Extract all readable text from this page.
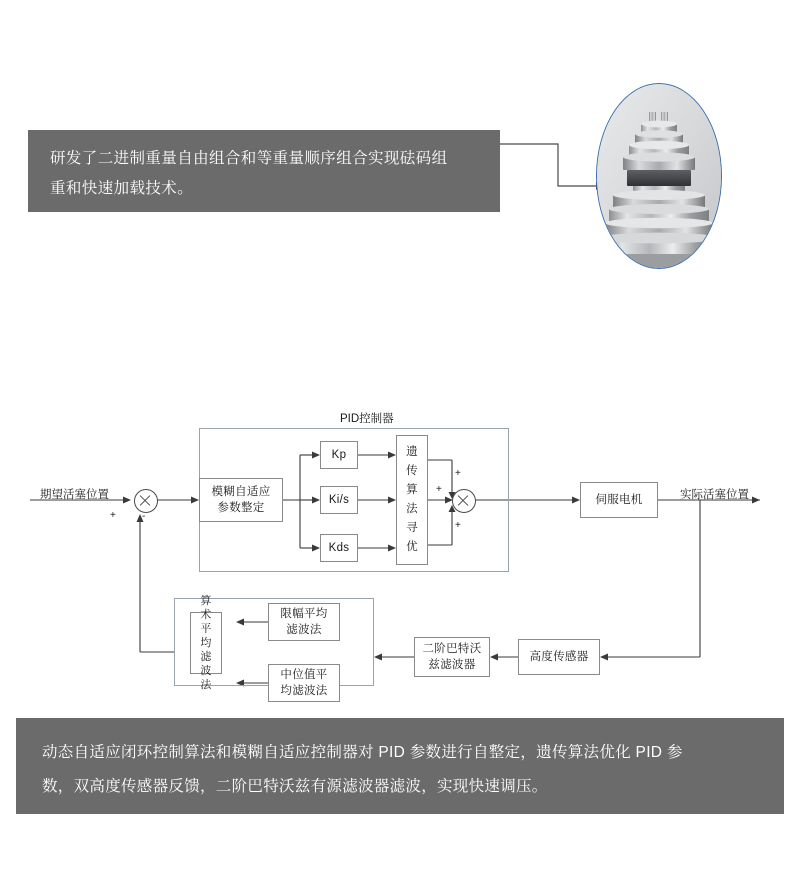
研发了二进制重量自由组合和等重量顺序组合实现砝码组
重和快速加载技术。
PID控制器
期望活塞位置	实际活塞位置
+	-
模糊自适应
参数整定
Kp
Ki/s
Kds
遗
传
算
法
寻
优
+
+
+
伺服电机
高度传感器
二阶巴特沃
兹滤波器
算
术
平
均
滤
波
法
限幅平均
滤波法
中位值平
均滤波法
动态自适应闭环控制算法和模糊自适应控制器对 PID 参数进行自整定，遗传算法优化 PID 参
数，双高度传感器反馈，二阶巴特沃兹有源滤波器滤波，实现快速调压。
